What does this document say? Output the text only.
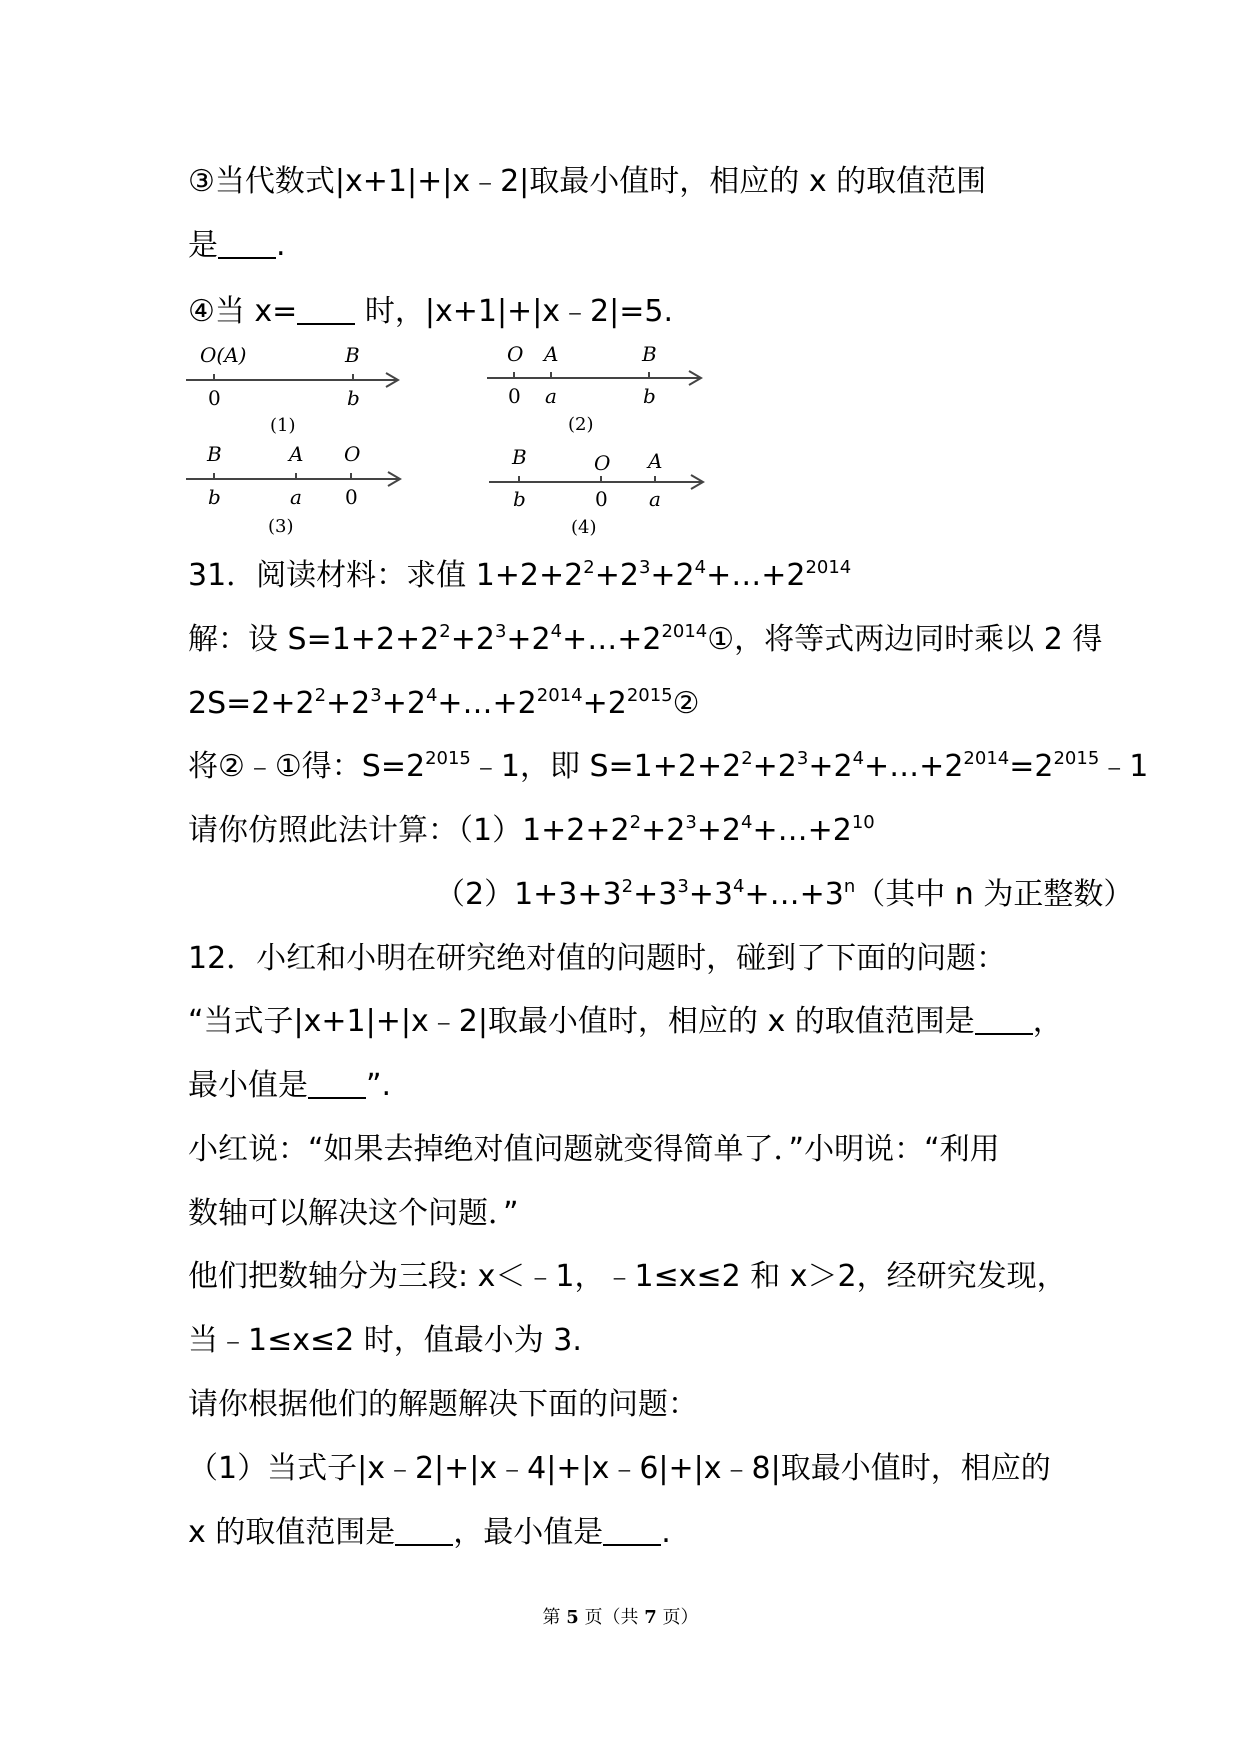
③当代数式|x+1|+|x﹣2|取最小值时，相应的 x 的取值范围
是 .
④当 x= 时，|x+1|+|x﹣2|=5.
O(A)	B
0	b
(1)
O A	B
0 a	b
(2)
B	A O
b	a 0
(3)
B	O A
b	0 a
(4)
31．阅读材料：求值 $1+2+2^2+2^3+2^4+\dots+2^{2014}$
解：设 $S=1+2+2^2+2^3+2^4+\dots+2^{2014}①$，将等式两边同时乘以 2 得
$2S=2+2^2+2^3+2^4+\dots+2^{2014}+2^{2015}②$
将②﹣①得：$S=2^{2015}﹣1$，即 $S=1+2+2^2+2^3+2^4+\dots+2^{2014}=2^{2015}﹣1$
请你仿照此法计算：$(1)1+2+2^2+2^3+2^4+\dots+2^{10}$
$(2)1+3+3^2+3^3+3^4+\dots+3^n$（其中 n 为正整数）
12．小红和小明在研究绝对值的问题时，碰到了下面的问题：
“当式子|x+1|+|x﹣2|取最小值时，相应的 x 的取值范围是 ，
最小值是 ”.
小红说：“如果去掉绝对值问题就变得简单了．”小明说：“利用
数轴可以解决这个问题．”
他们把数轴分为三段: x＜﹣1，﹣1≤x≤2 和 x＞2，经研究发现，
当﹣1≤x≤2 时，值最小为 3.
请你根据他们的解题解决下面的问题：
（1）当式子|x﹣2|+|x﹣4|+|x﹣6|+|x﹣8|取最小值时，相应的
x 的取值范围是 ，最小值是 .
第 5 页（共 7 页）
